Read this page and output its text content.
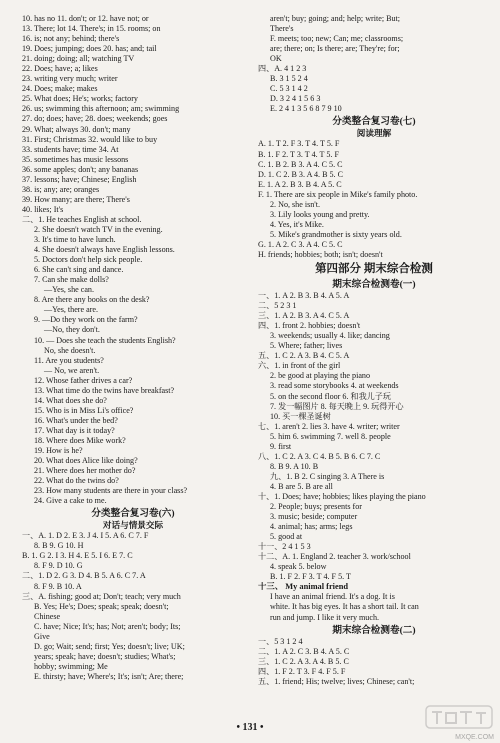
10. has no 11. don't; or 12. have not; or
13. There; lot 14. There's; in 15. rooms; on
16. is; not any; behind; there's
19. Does; jumping; does 20. has; and; tail
21. doing; doing; all; watching TV
22. Does; have; a; likes
23. writing very much; writer
24. Does; make; makes
25. What does; He's; works; factory
26. us; swimming this afternoon; am; swimming
27. do; does; have; 28. does; weekends; goes
29. What; always 30. don't; many
31. First; Christmas 32. would like to buy
33. students have; time 34. At
35. sometimes has music lessons
36. some apples; don't; any bananas
37. lessons; have; Chinese; English
38. is; any; are; oranges
39. How many; are there; There's
40. likes; It's
二、1. He teaches English at school.
2. She doesn't watch TV in the evening.
3. It's time to have lunch.
4. She doesn't always have English lessons.
5. Doctors don't help sick people.
6. She can't sing and dance.
7. Can she make dolls?
—Yes, she can.
8. Are there any books on the desk?
—Yes, there are.
9. —Do they work on the farm?
—No, they don't.
10. — Does she teach the students English?
No, she doesn't.
11. Are you students?
— No, we aren't.
12. Whose father drives a car?
13. What time do the twins have breakfast?
14. What does she do?
15. Who is in Miss Li's office?
16. What's under the bed?
17. What day is it today?
18. Where does Mike work?
19. How is he?
20. What does Alice like doing?
21. Where does her mother do?
22. What do the twins do?
23. How many students are there in your class?
24. Give a cake to me.
分类整合复习卷(六)
对话与情景交际
一、A. 1. D 2. E 3. J 4. I 5. A 6. C 7. F
8. B 9. G 10. H
B. 1. G 2. I 3. H 4. E 5. I 6. E 7. C
8. F 9. D 10. G
二、1. D 2. G 3. D 4. B 5. A 6. C 7. A
8. F 9. B 10. A
三、A. fishing; good at; Don't; teach; very much
B. Yes; He's; Does; speak; speak; doesn't;
Chinese
C. have; Nice; It's; has; Not; aren't; body; Its;
Give
D. go; Wait; send; first; Yes; doesn't; live; UK;
years; speak; have; doesn't; studies; What's;
hobby; swimming; Me
E. thirsty; have; Where's; It's; isn't; Are; there;
aren't; buy; going; and; help; write; But;
There's
F. meets; too; new; Can; me; classrooms;
are; there; on; Is there; are; They're; for;
OK
四、A. 4 1 2 3
B. 3 1 5 2 4
C. 5 3 1 4 2
D. 3 2 4 1 5 6 3
E. 2 4 1 3 5 6 8 7 9 10
分类整合复习卷(七)
阅读理解
A. 1. T 2. F 3. T 4. T 5. F
B. 1. F 2. T 3. T 4. T 5. F
C. 1. B 2. B 3. A 4. C 5. C
D. 1. C 2. B 3. A 4. B 5. C
E. 1. A 2. B 3. B 4. A 5. C
F. 1. There are six people in Mike's family photo.
2. No, she isn't.
3. Lily looks young and pretty.
4. Yes, it's Mike.
5. Mike's grandmother is sixty years old.
G. 1. A 2. C 3. A 4. C 5. C
H. friends; hobbies; both; isn't; doesn't
第四部分 期末综合检测
期末综合检测卷(一)
一、1. A 2. B 3. B 4. A 5. A
二、5 2 3 1
三、1. A 2. B 3. A 4. C 5. A
四、1. front 2. hobbies; doesn't
3. weekends; usually 4. like; dancing
5. Where; father; lives
五、1. C 2. A 3. B 4. C 5. A
六、1. in front of the girl
2. be good at playing the piano
3. read some storybooks 4. at weekends
5. on the second floor 6. 和我儿子玩
7. 发一幅图片 8. 每天晚上 9. 玩得开心
10. 买一棵圣诞树
七、1. aren't 2. lies 3. have 4. writer; writer
5. him 6. swimming 7. well 8. people
9. first
八、1. C 2. A 3. C 4. B 5. B 6. C 7. C
8. B 9. A 10. B
九、1. B 2. C singing 3. A There is
4. B are 5. B are all
十、1. Does; have; hobbies; likes playing the piano
2. People; buys; presents for
3. music; beside; computer
4. animal; has; arms; legs
5. good at
十一、2 4 1 5 3
十二、A. 1. England 2. teacher 3. work/school
4. speak 5. below
B. 1. F 2. F 3. T 4. F 5. T
十三、 My animal friend
I have an animal friend. It's a dog. It is
white. It has big eyes. It has a short tail. It can
run and jump. I like it very much.
期末综合检测卷(二)
一、5 3 1 2 4
二、1. A 2. C 3. B 4. A 5. C
三、1. C 2. A 3. A 4. B 5. C
四、1. F 2. T 3. F 4. F 5. F
五、1. friend; His; twelve; lives; Chinese; can't;
• 131 •
MXQE.COM
